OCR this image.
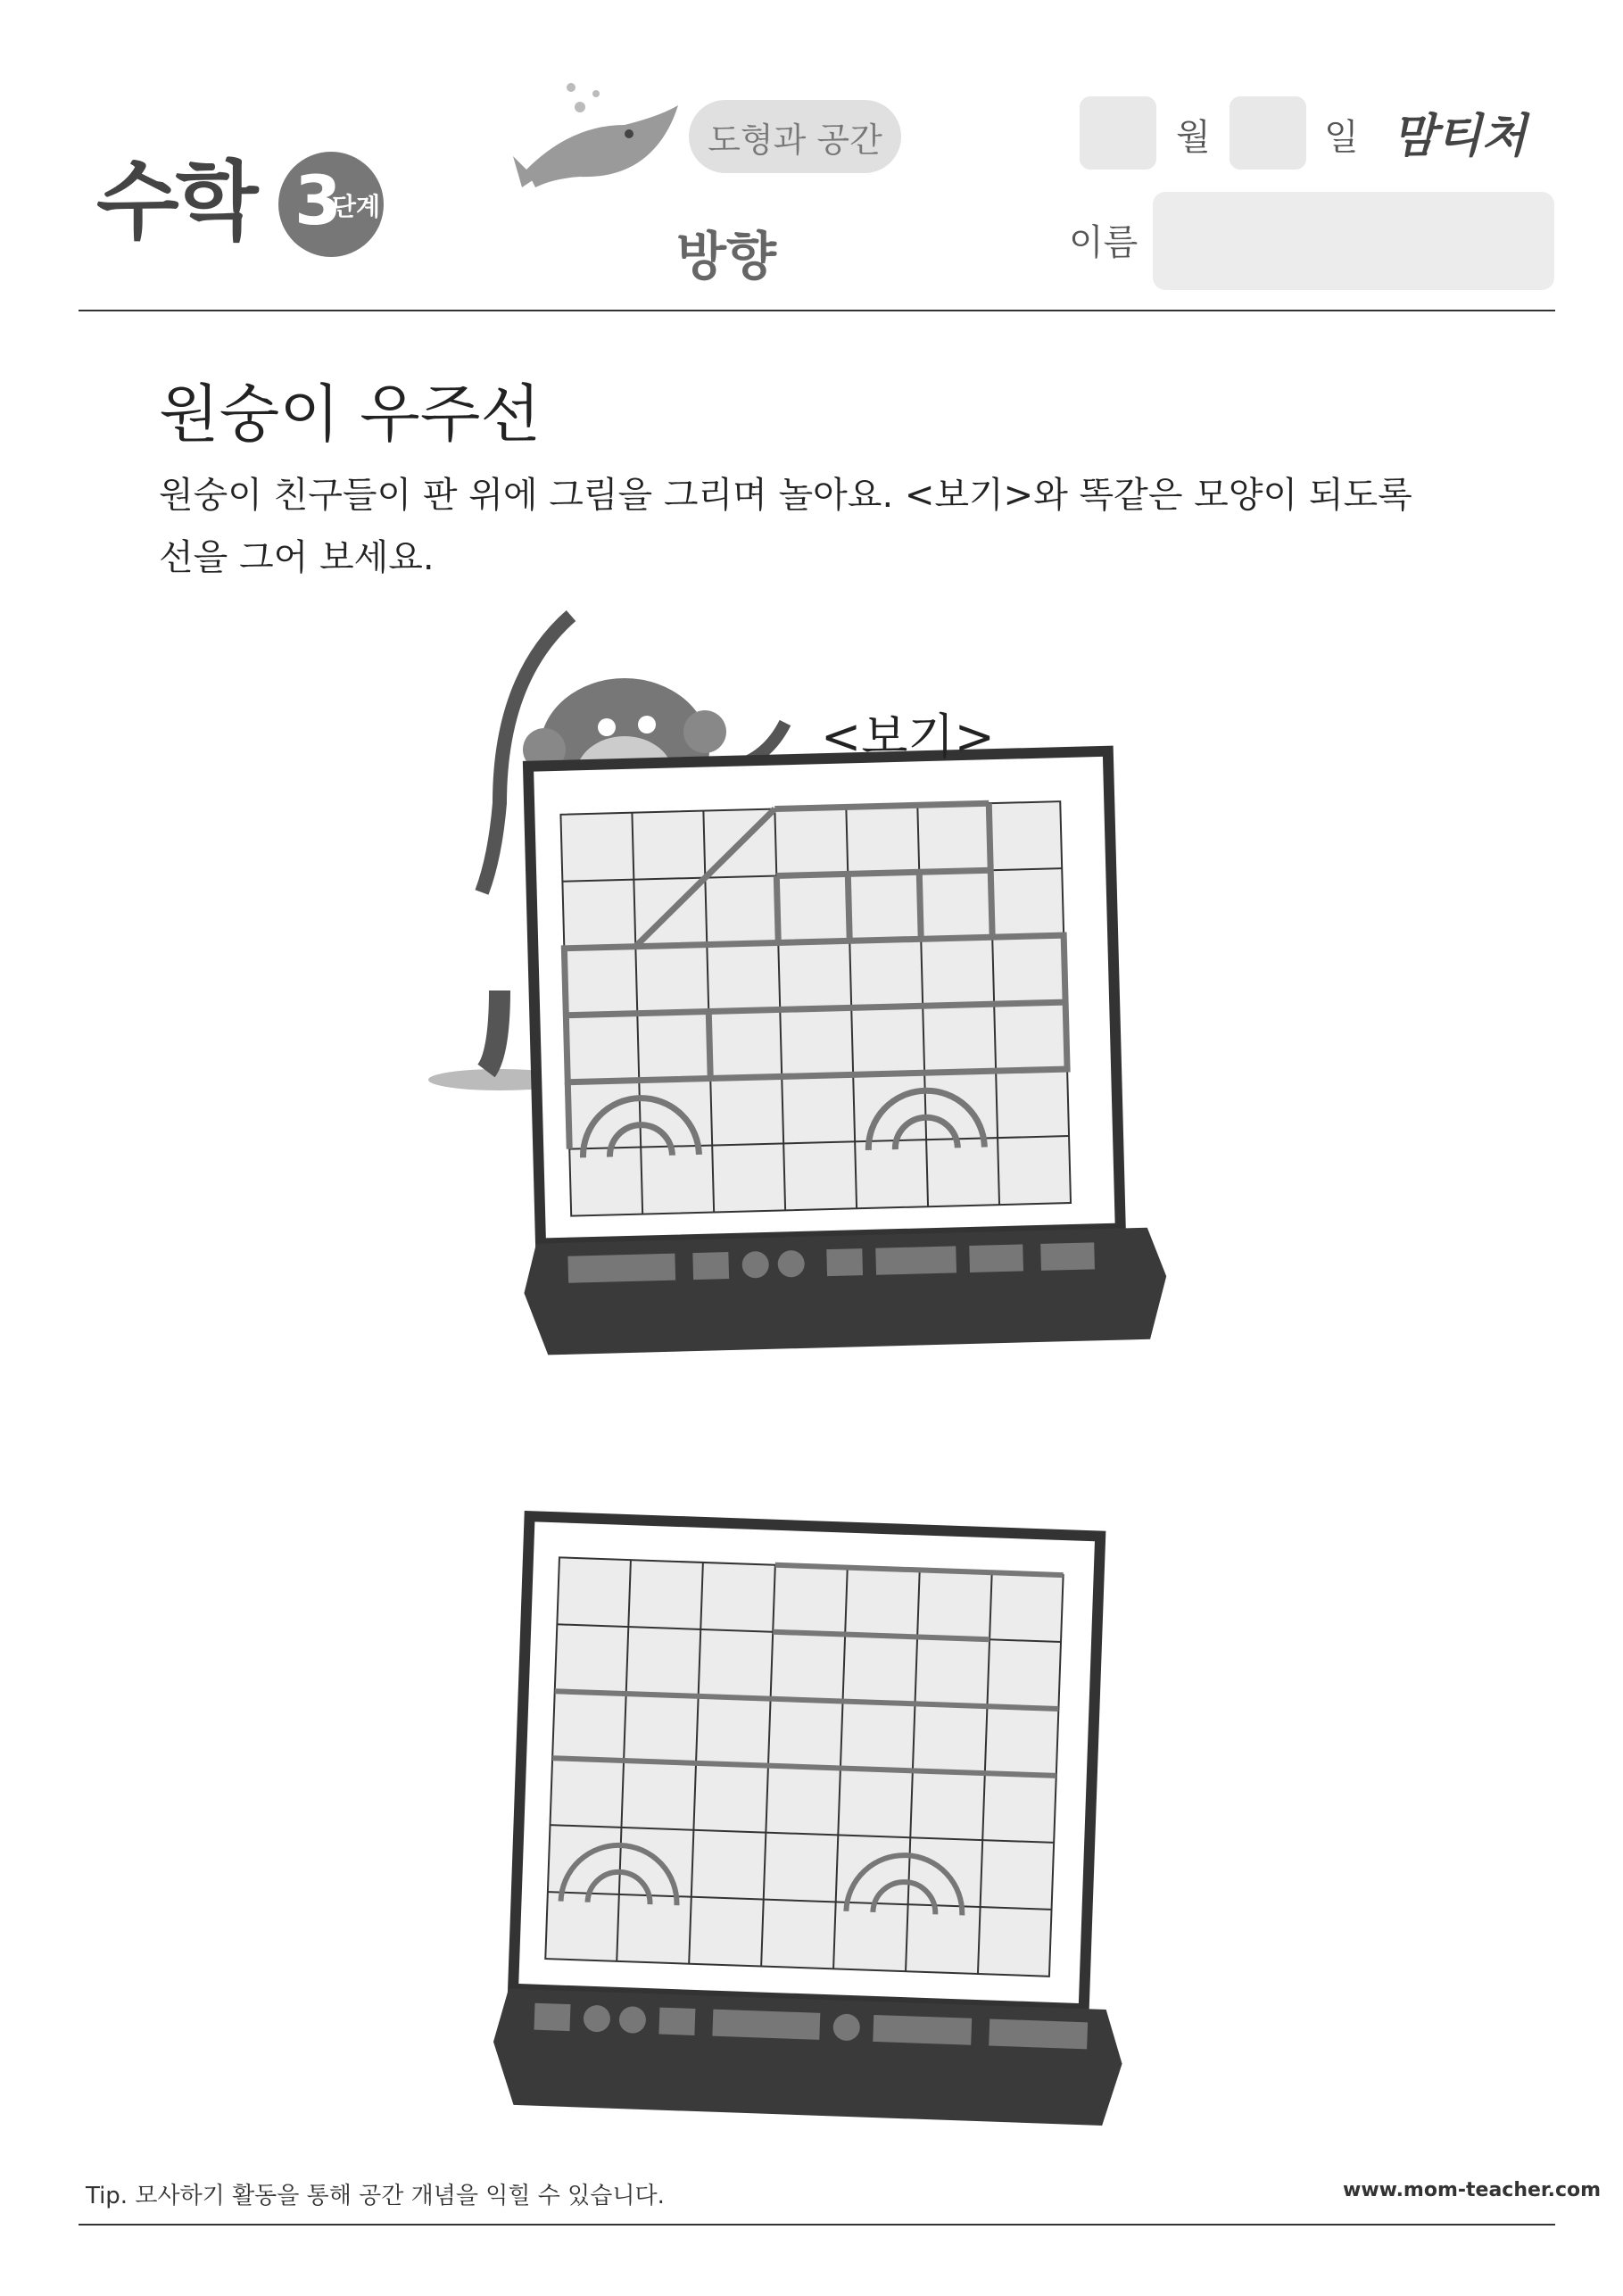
수학 3
단계
도형과 공간
방향
월	일 맘티처
이름
원숭이 우주선
원숭이 친구들이 판 위에 그림을 그리며 놀아요. <보기>와 똑같은 모양이 되도록
선을 그어 보세요.
<보기>
Tip. 모사하기 활동을 통해 공간 개념을 익힐 수 있습니다.	www.mom-teacher.com
